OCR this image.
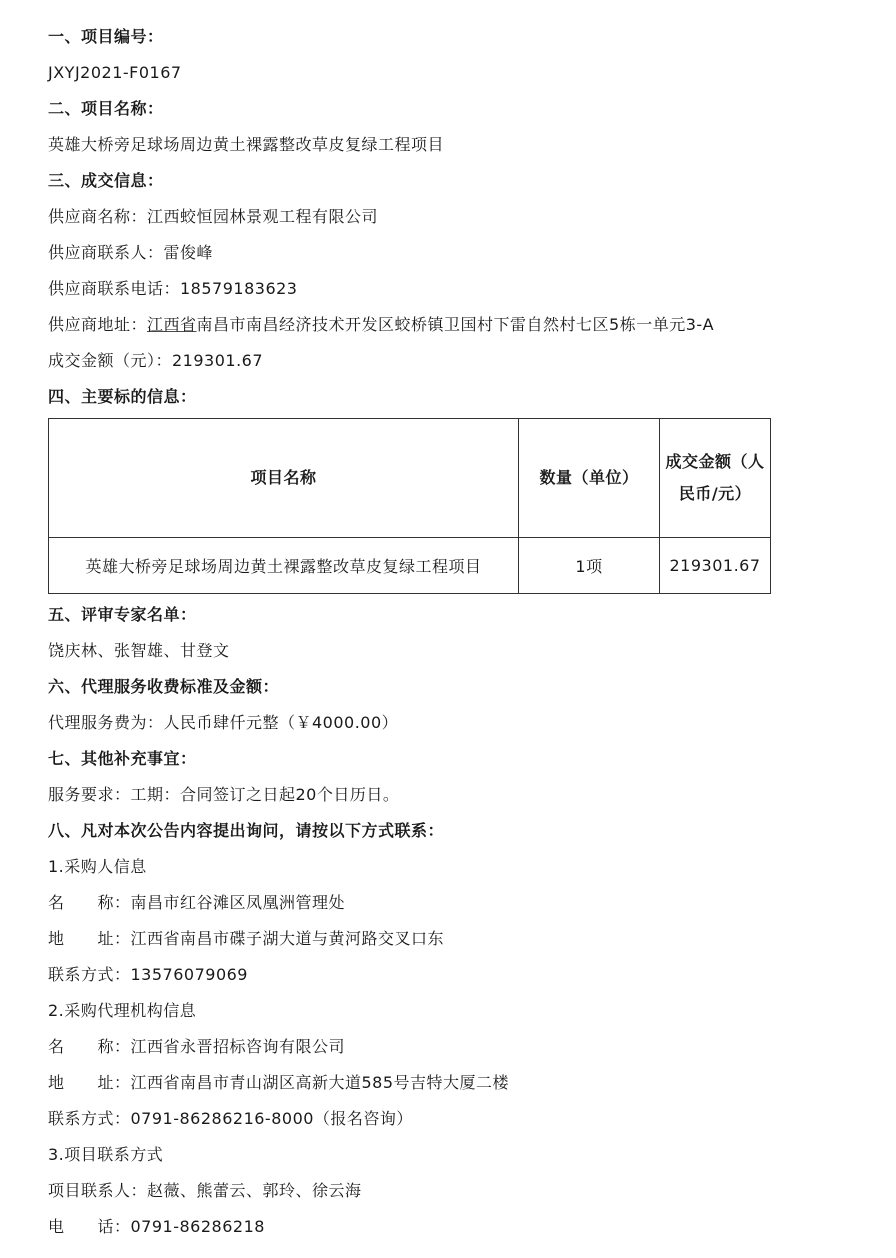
一、项目编号：
JXYJ2021-F0167
二、项目名称：
英雄大桥旁足球场周边黄土裸露整改草皮复绿工程项目
三、成交信息：
供应商名称：江西蛟恒园林景观工程有限公司
供应商联系人：雷俊峰
供应商联系电话：18579183623
供应商地址：江西省南昌市南昌经济技术开发区蛟桥镇卫国村下雷自然村七区5栋一单元3-A
成交金额（元）：219301.67
四、主要标的信息：
项目名称	数量（单位）	成交金额（人民币/元）
英雄大桥旁足球场周边黄土裸露整改草皮复绿工程项目	1项	219301.67
五、评审专家名单：
饶庆林、张智雄、甘登文
六、代理服务收费标准及金额：
代理服务费为：人民币肆仟元整（￥4000.00）
七、其他补充事宜：
服务要求：工期：合同签订之日起20个日历日。
八、凡对本次公告内容提出询问，请按以下方式联系：
1.采购人信息
名　　称：南昌市红谷滩区凤凰洲管理处
地　　址：江西省南昌市碟子湖大道与黄河路交叉口东
联系方式：13576079069
2.采购代理机构信息
名　　称：江西省永晋招标咨询有限公司
地　　址：江西省南昌市青山湖区高新大道585号吉特大厦二楼
联系方式：0791-86286216-8000（报名咨询）
3.项目联系方式
项目联系人：赵薇、熊蕾云、郭玲、徐云海
电　　话：0791-86286218
